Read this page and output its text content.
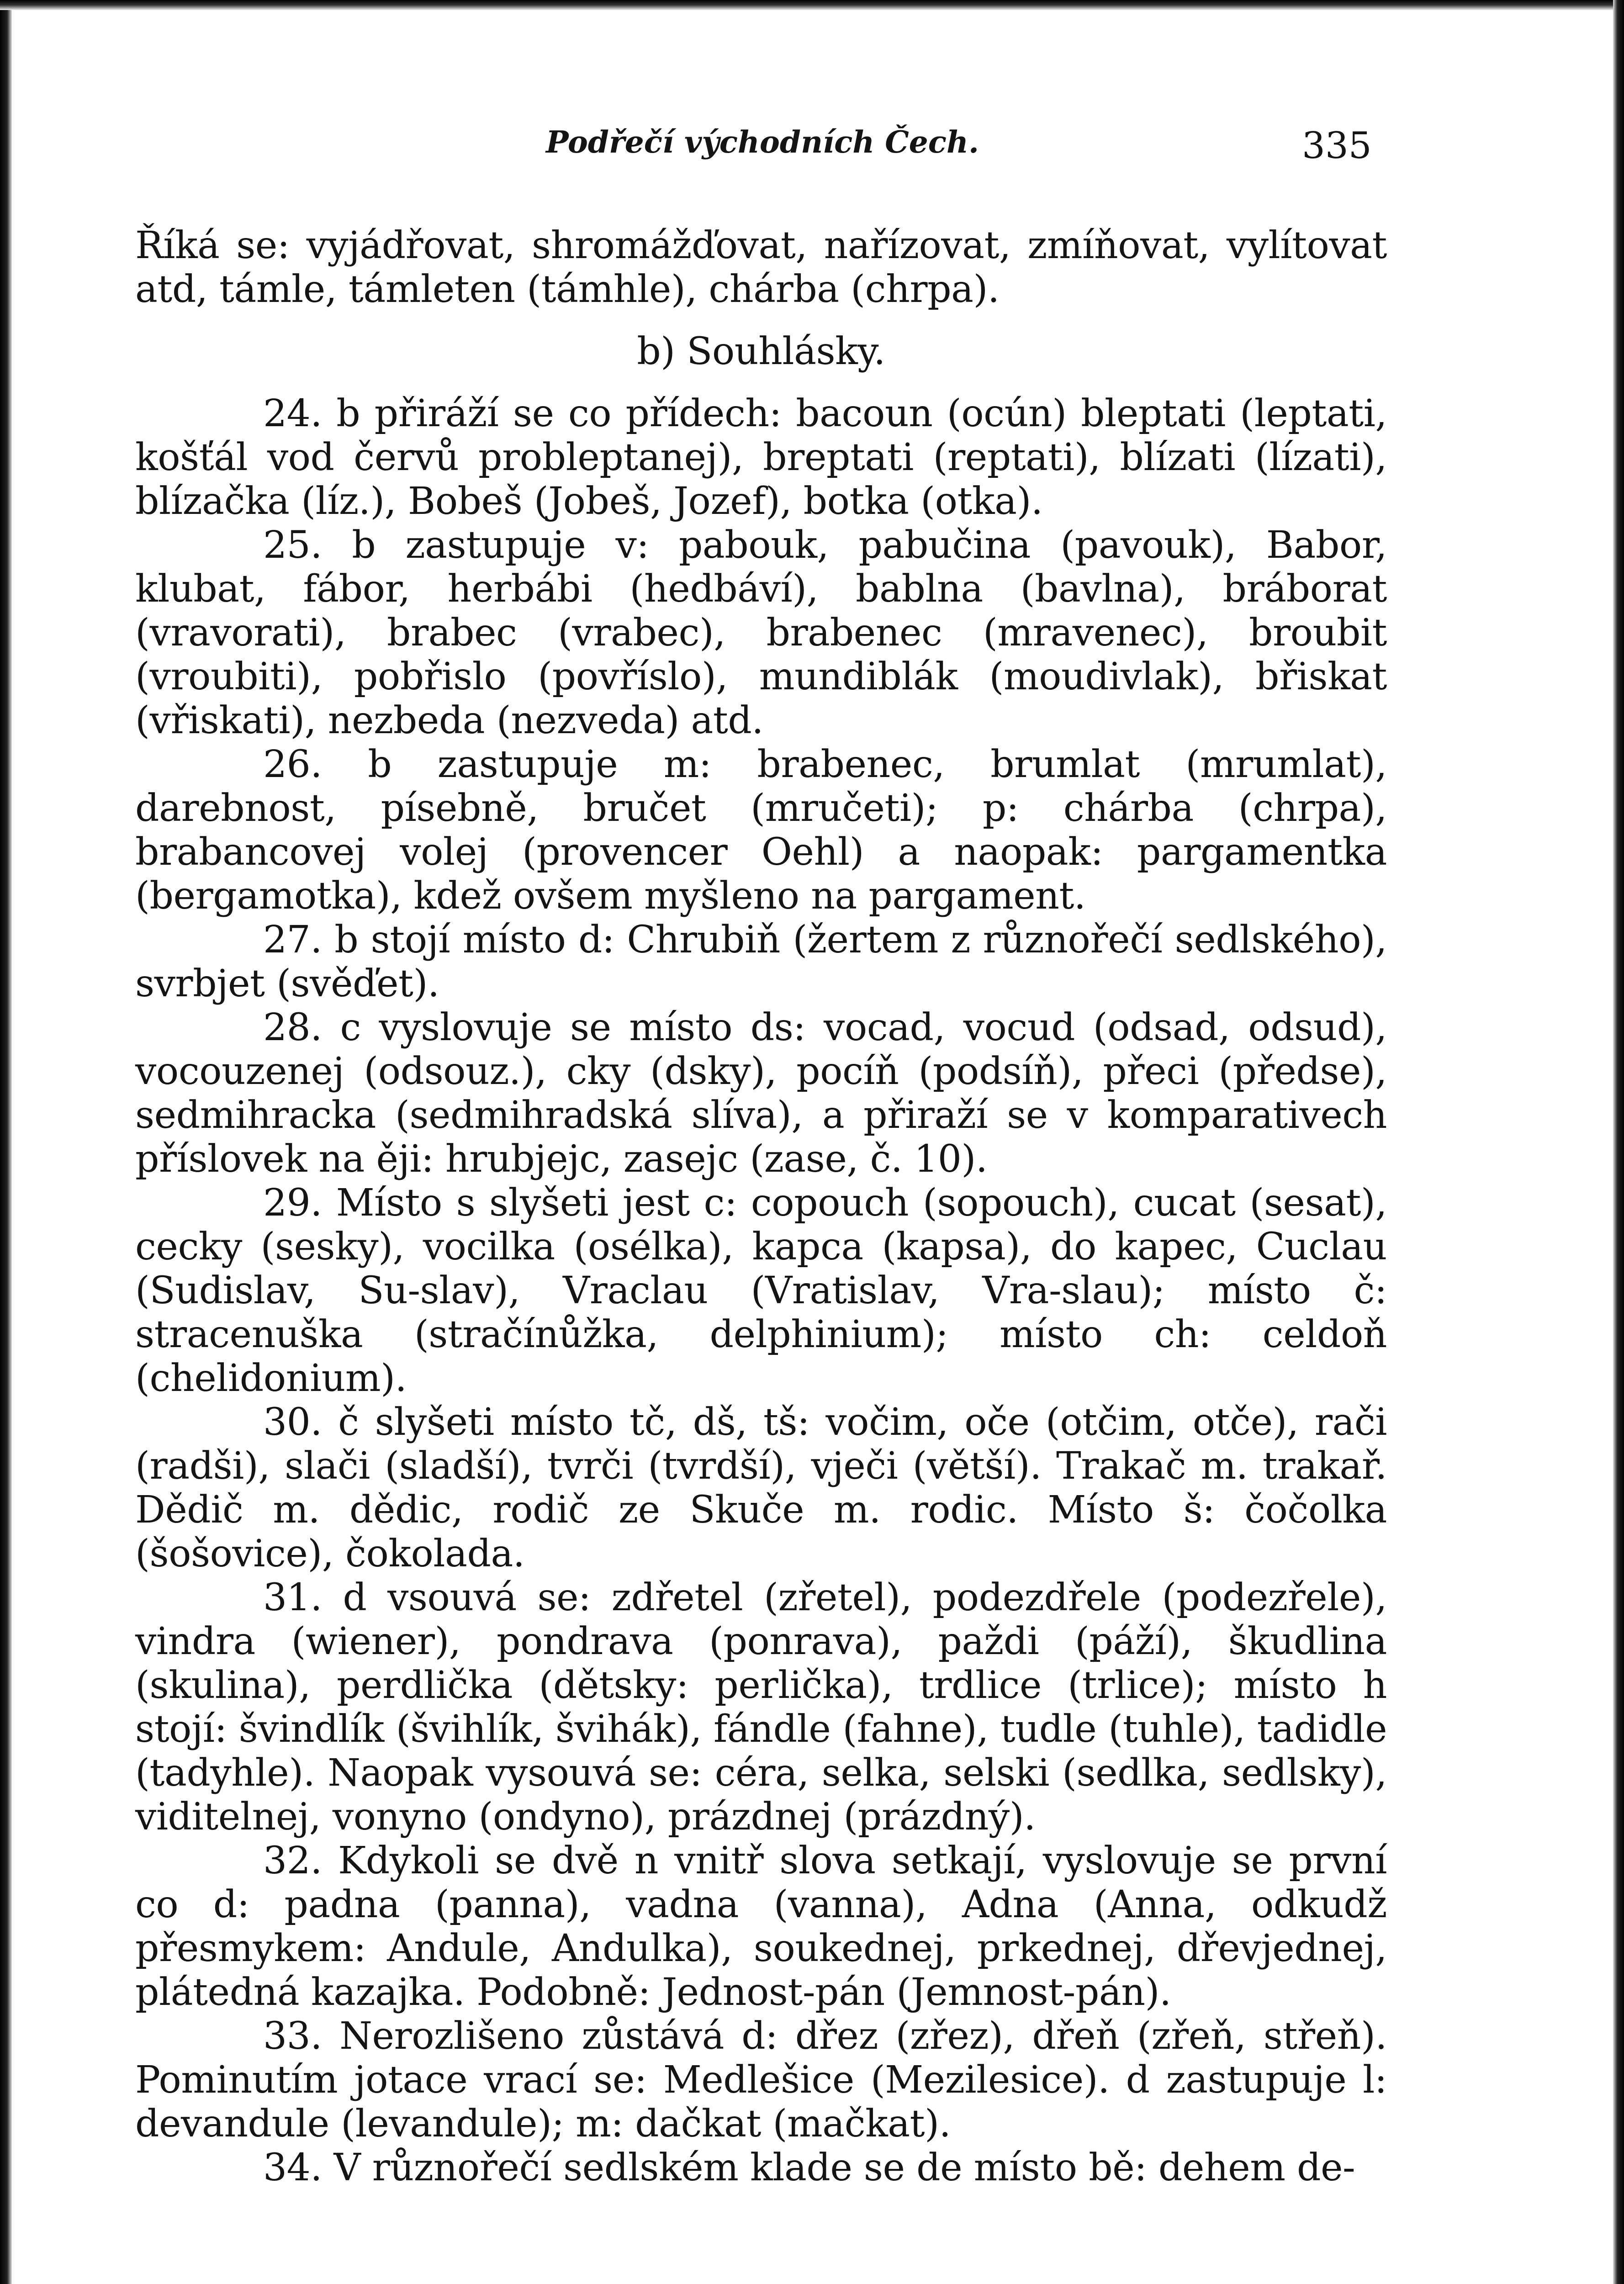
Podřečí východních Čech.	335

Říká se: vyjádřovat, shromážďovat, nařízovat, zmíňovat, vylítovat atd, támle, támleten (támhle), chárba (chrpa).

b) Souhlásky.

24. b přiráží se co přídech: bacoun (ocún) bleptati (leptati, košťál vod červů probleptanej), breptati (reptati), blízati (lízati), blízačka (líz.), Bobeš (Jobeš, Jozef), botka (otka).

25. b zastupuje v: pabouk, pabučina (pavouk), Babor, klubat, fábor, herbábi (hedbáví), bablna (bavlna), bráborat (vravorati), brabec (vrabec), brabenec (mravenec), broubit (vroubiti), pobřislo (povříslo), mundiblák (moudivlak), břiskat (vřiskati), nezbeda (nezveda) atd.

26. b zastupuje m: brabenec, brumlat (mrumlat), darebnost, písebně, bručet (mručeti); p: chárba (chrpa), brabancovej volej (provencer Oehl) a naopak: pargamentka (bergamotka), kdež ovšem myšleno na pargament.

27. b stojí místo d: Chrubiň (žertem z různořečí sedlského), svrbjet (svěďet).

28. c vyslovuje se místo ds: vocad, vocud (odsad, odsud), vocouzenej (odsouz.), cky (dsky), pocíň (podsíň), přeci (předse), sedmihracka (sedmihradská slíva), a přiraží se v komparativech příslovek na ěji: hrubjejc, zasejc (zase, č. 10).

29. Místo s slyšeti jest c: copouch (sopouch), cucat (sesat), cecky (sesky), vocilka (osélka), kapca (kapsa), do kapec, Cuclau (Sudislav, Su-slav), Vraclau (Vratislav, Vra-slau); místo č: stracenuška (stračínůžka, delphinium); místo ch: celdoň (chelidonium).

30. č slyšeti místo tč, dš, tš: vočim, oče (otčim, otče), rači (radši), slači (sladší), tvrči (tvrdší), vječi (větší). Trakač m. trakař. Dědič m. dědic, rodič ze Skuče m. rodic. Místo š: čočolka (šošovice), čokolada.

31. d vsouvá se: zdřetel (zřetel), podezdřele (podezřele), vindra (wiener), pondrava (ponrava), paždi (páží), škudlina (skulina), perdlička (dětsky: perlička), trdlice (trlice); místo h stojí: švindlík (švihlík, švihák), fándle (fahne), tudle (tuhle), tadidle (tadyhle). Naopak vysouvá se: céra, selka, selski (sedlka, sedlsky), viditelnej, vonyno (ondyno), prázdnej (prázdný).

32. Kdykoli se dvě n vnitř slova setkají, vyslovuje se první co d: padna (panna), vadna (vanna), Adna (Anna, odkudž přesmykem: Andule, Andulka), soukednej, prkednej, dřevjednej, plátedná kazajka. Podobně: Jednost-pán (Jemnost-pán).

33. Nerozlišeno zůstává d: dřez (zřez), dřeň (zřeň, střeň). Pominutím jotace vrací se: Medlešice (Mezilesice). d zastupuje l: devandule (levandule); m: dačkat (mačkat).

34. V různořečí sedlském klade se de místo bě: dehem de-
